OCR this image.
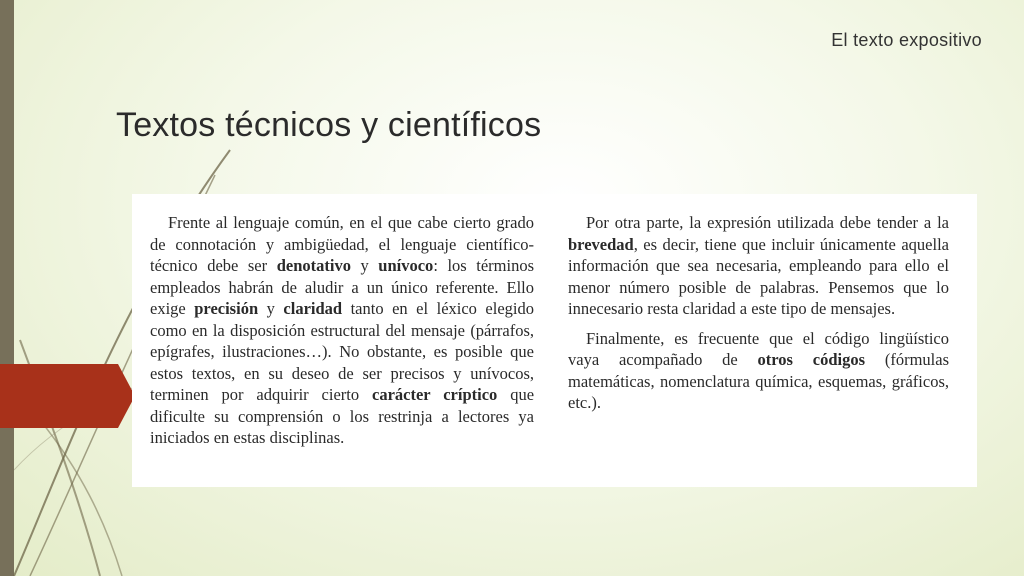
El texto expositivo
Textos técnicos y científicos

Frente al lenguaje común, en el que cabe cierto grado de connotación y ambigüedad, el lenguaje científico-técnico debe ser denotativo y unívoco: los términos empleados habrán de aludir a un único referente. Ello exige precisión y claridad tanto en el léxico elegido como en la disposición estructural del mensaje (párrafos, epígrafes, ilustraciones…). No obstante, es posible que estos textos, en su deseo de ser precisos y unívocos, terminen por adquirir cierto carácter críptico que dificulte su comprensión o los restrinja a lectores ya iniciados en estas disciplinas.

Por otra parte, la expresión utilizada debe tender a la brevedad, es decir, tiene que incluir únicamente aquella información que sea necesaria, empleando para ello el menor número posible de palabras. Pensemos que lo innecesario resta claridad a este tipo de mensajes.

Finalmente, es frecuente que el código lingüístico vaya acompañado de otros códigos (fórmulas matemáticas, nomenclatura química, esquemas, gráficos, etc.).
